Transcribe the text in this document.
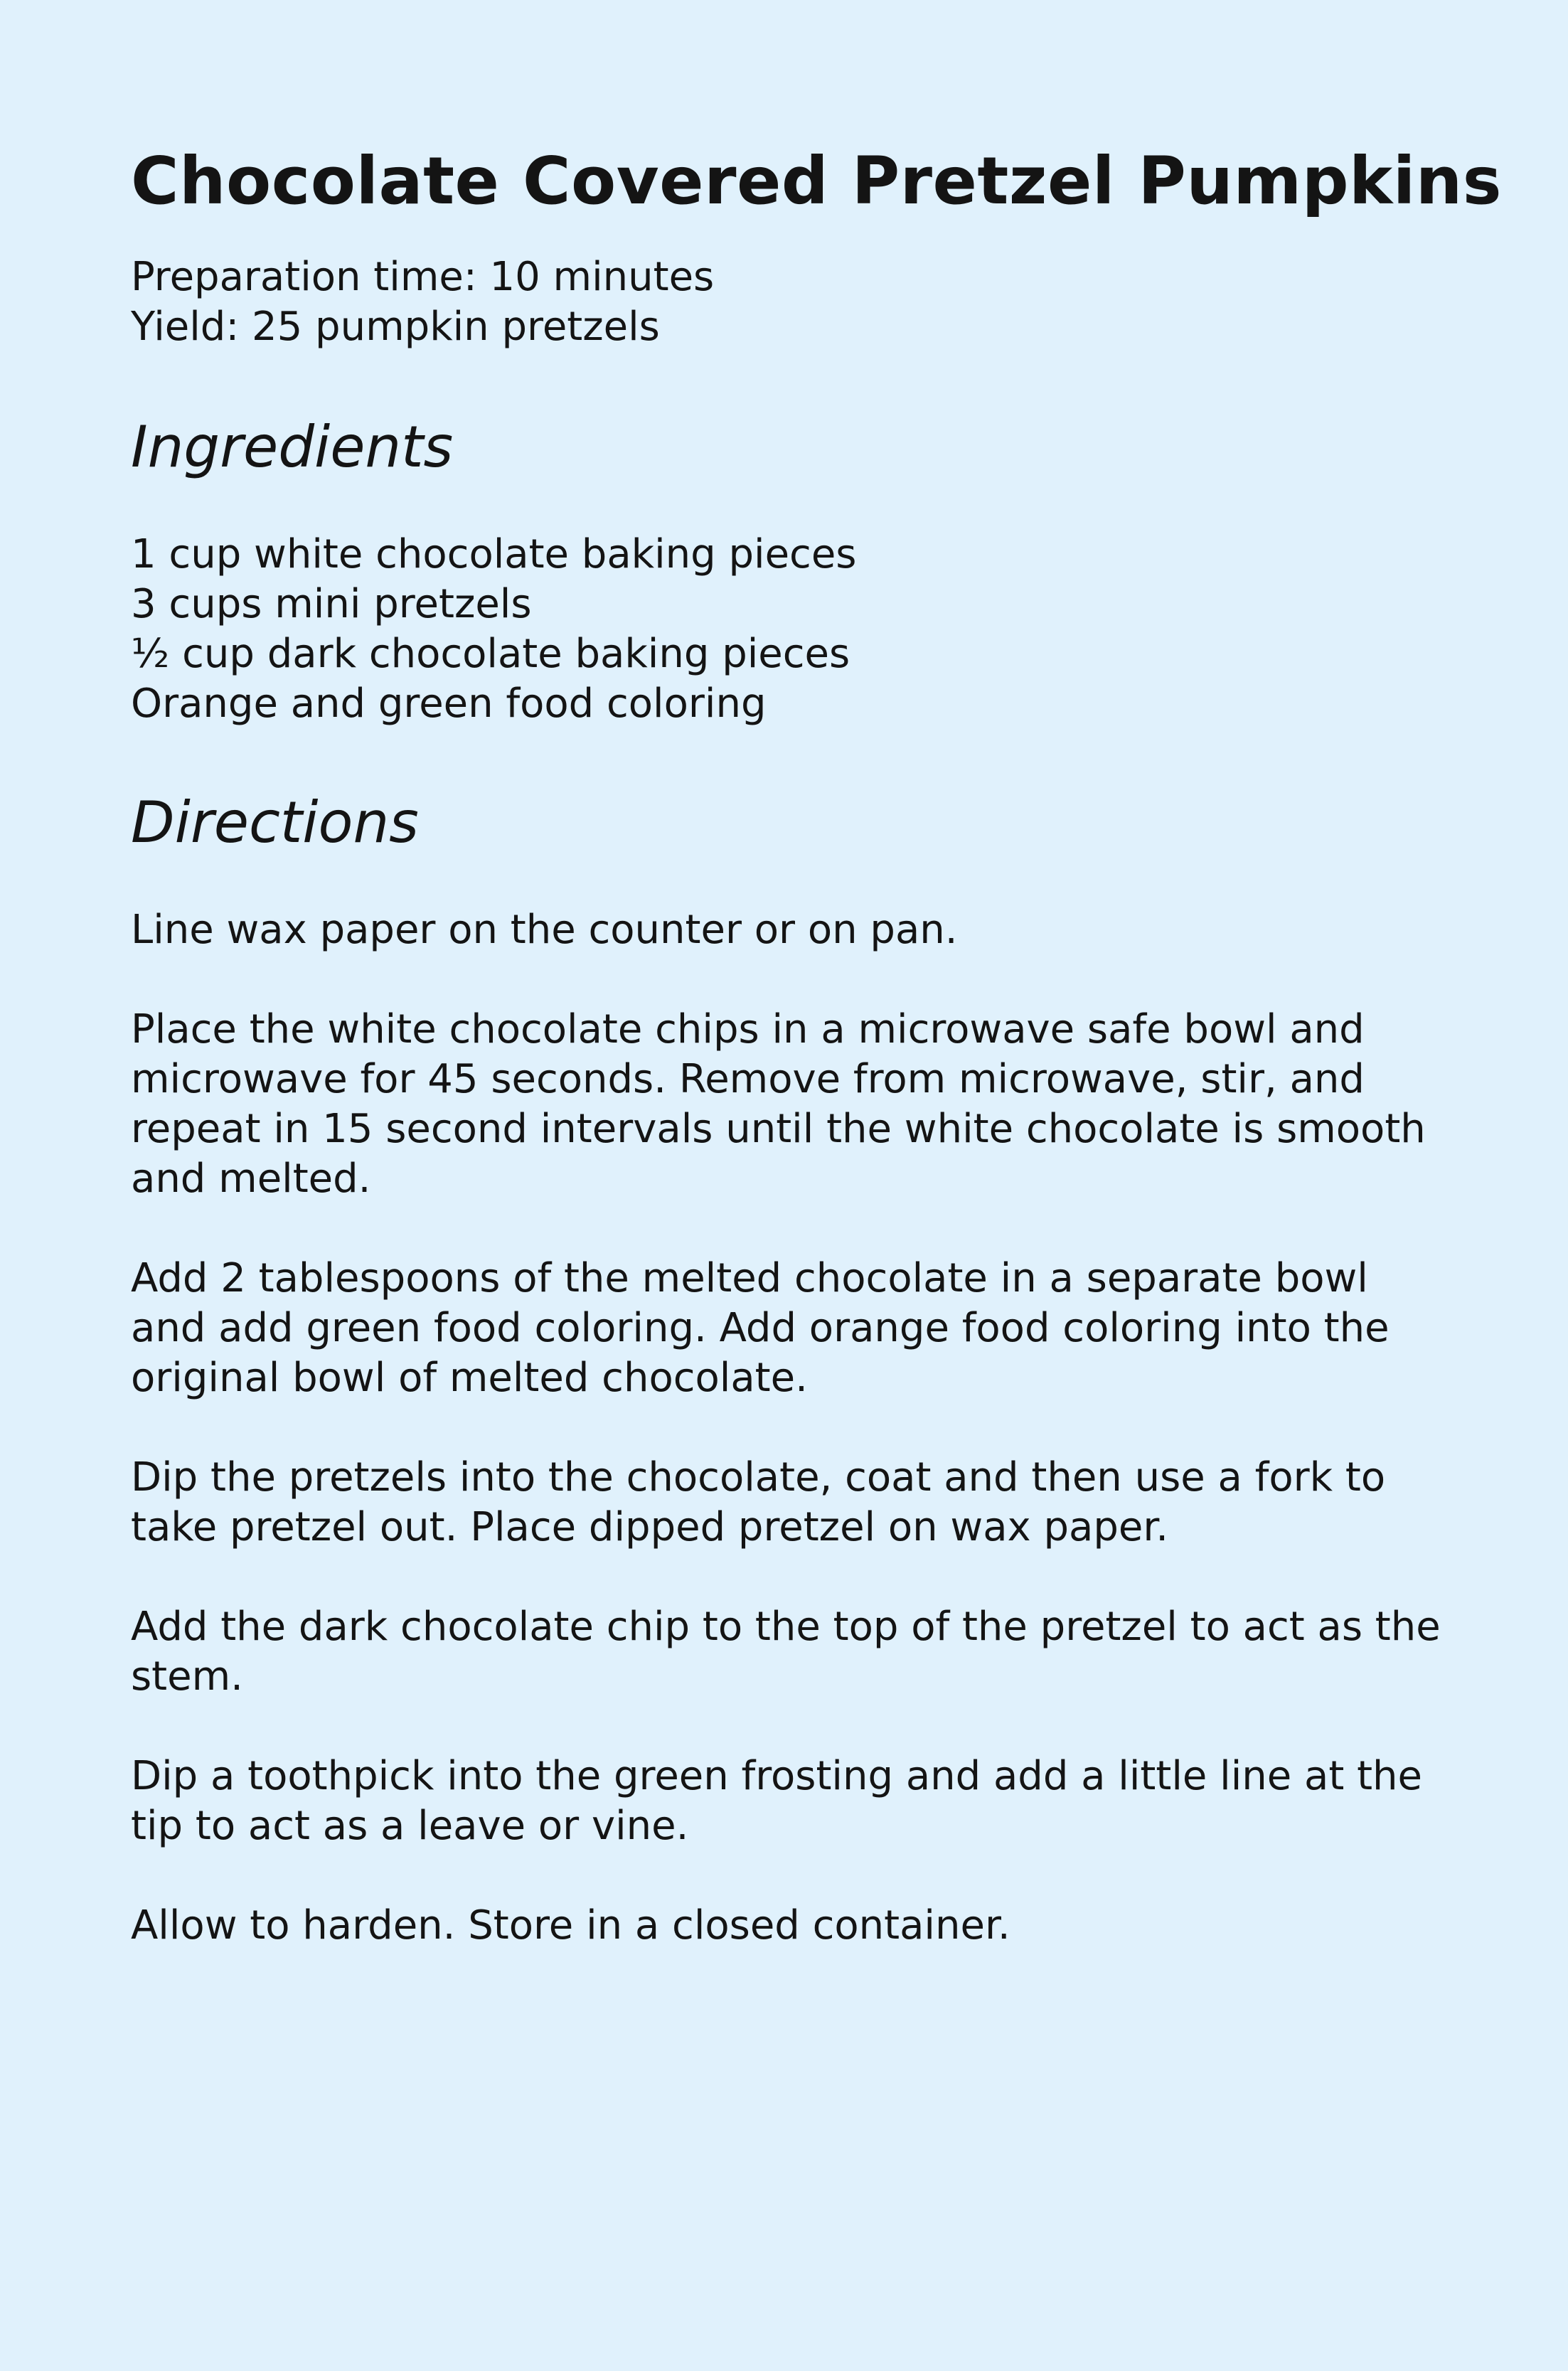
Chocolate Covered Pretzel Pumpkins
Preparation time: 10 minutes
Yield: 25 pumpkin pretzels
Ingredients
1 cup white chocolate baking pieces
3 cups mini pretzels
½ cup dark chocolate baking pieces
Orange and green food coloring
Directions
Line wax paper on the counter or on pan.
Place the white chocolate chips in a microwave safe bowl and microwave for 45 seconds. Remove from microwave, stir, and repeat in 15 second intervals until the white chocolate is smooth and melted.
Add 2 tablespoons of the melted chocolate in a separate bowl and add green food coloring. Add orange food coloring into the original bowl of melted chocolate.
Dip the pretzels into the chocolate, coat and then use a fork to take pretzel out. Place dipped pretzel on wax paper.
Add the dark chocolate chip to the top of the pretzel to act as the stem.
Dip a toothpick into the green frosting and add a little line at the tip to act as a leave or vine.
Allow to harden. Store in a closed container.
